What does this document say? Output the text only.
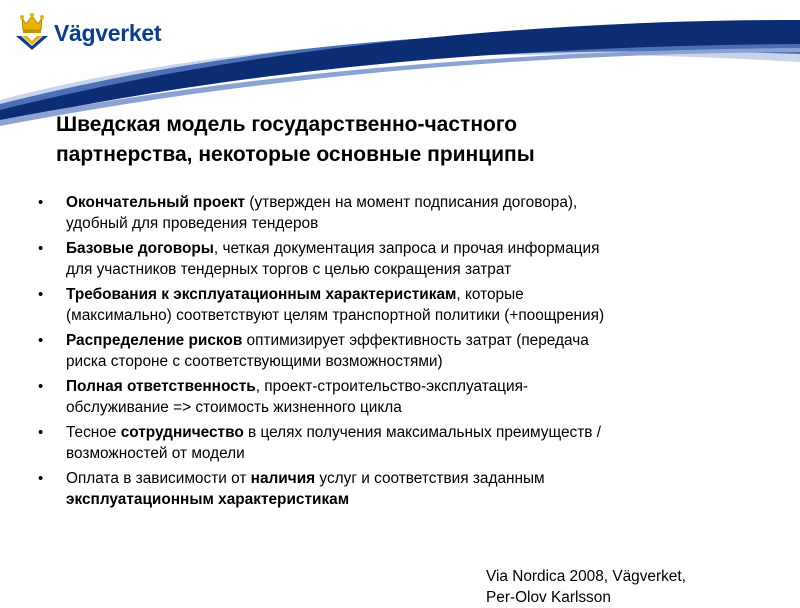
Vägverket
Шведская модель государственно-частного
партнерства, некоторые основные принципы
• Окончательный проект (утвержден на момент подписания договора),
удобный для проведения тендеров
• Базовые договоры, четкая документация запроса и прочая информация
для участников тендерных торгов с целью сокращения затрат
• Требования к эксплуатационным характеристикам, которые
(максимально) соответствуют целям транспортной политики (+поощрения)
• Распределение рисков оптимизирует эффективность затрат (передача
риска стороне с соответствующими возможностями)
• Полная ответственность, проект-строительство-эксплуатация-
обслуживание => стоимость жизненного цикла
• Тесное сотрудничество в целях получения максимальных преимуществ /
возможностей от модели
• Оплата в зависимости от наличия услуг и соответствия заданным
эксплуатационным характеристикам
Via Nordica 2008, Vägverket,
Per-Olov Karlsson
